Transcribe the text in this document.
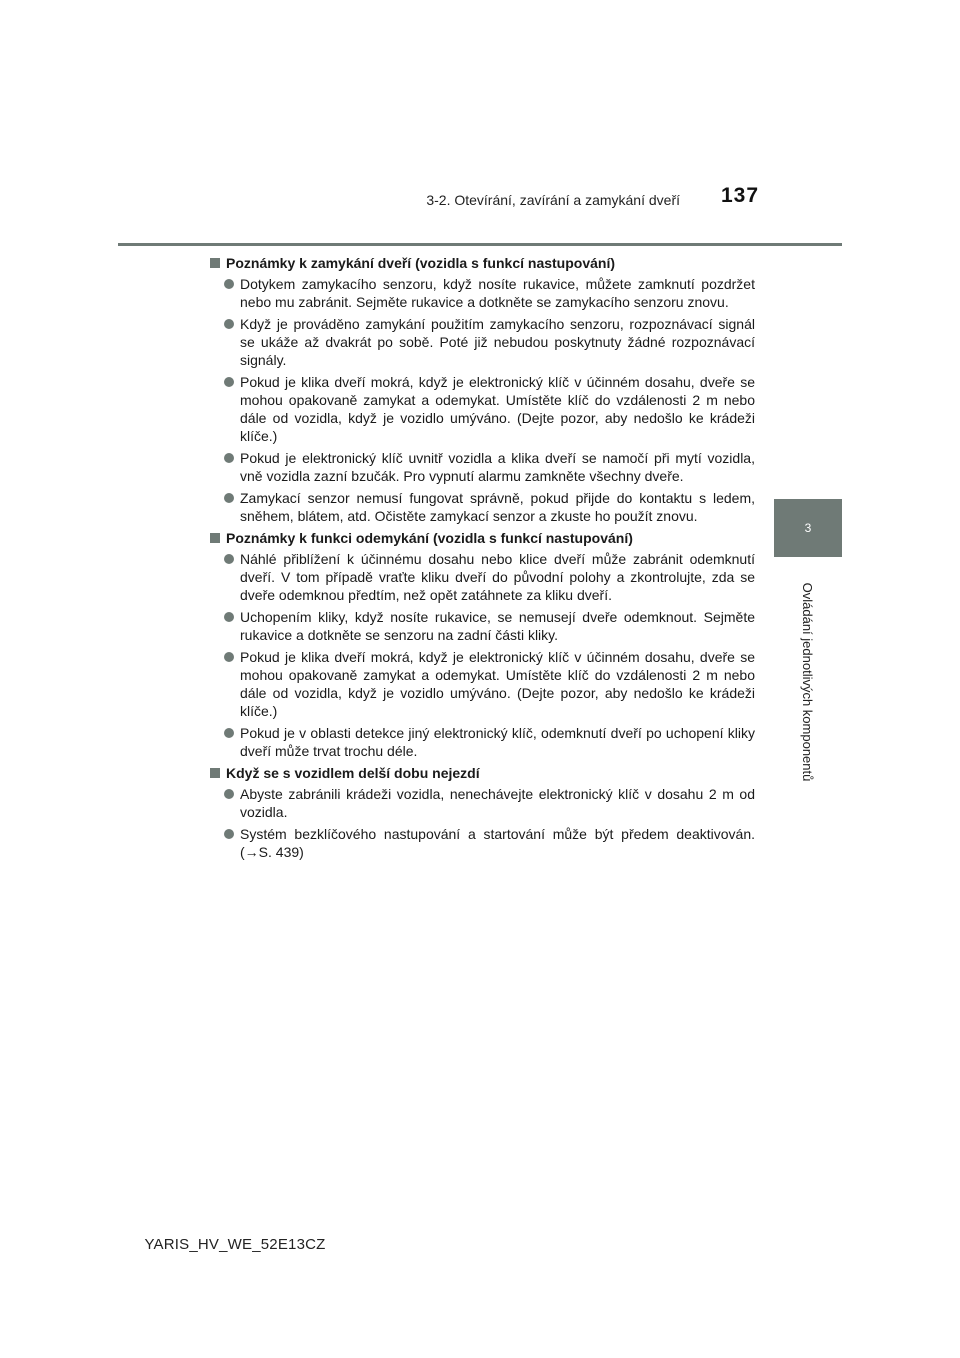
3-2. Otevírání, zavírání a zamykání dveří	137
3
Ovládání jednotlivých komponentů
Poznámky k zamykání dveří (vozidla s funkcí nastupování)
Dotykem zamykacího senzoru, když nosíte rukavice, můžete zamknutí pozdržet nebo mu zabránit. Sejměte rukavice a dotkněte se zamykacího senzoru znovu.
Když je prováděno zamykání použitím zamykacího senzoru, rozpoznávací signál se ukáže až dvakrát po sobě. Poté již nebudou poskytnuty žádné rozpoznávací signály.
Pokud je klika dveří mokrá, když je elektronický klíč v účinném dosahu, dveře se mohou opakovaně zamykat a odemykat. Umístěte klíč do vzdálenosti 2 m nebo dále od vozidla, když je vozidlo umýváno. (Dejte pozor, aby nedošlo ke krádeži klíče.)
Pokud je elektronický klíč uvnitř vozidla a klika dveří se namočí při mytí vozidla, vně vozidla zazní bzučák. Pro vypnutí alarmu zamkněte všechny dveře.
Zamykací senzor nemusí fungovat správně, pokud přijde do kontaktu s ledem, sněhem, blátem, atd. Očistěte zamykací senzor a zkuste ho použít znovu.
Poznámky k funkci odemykání (vozidla s funkcí nastupování)
Náhlé přiblížení k účinnému dosahu nebo klice dveří může zabránit odemknutí dveří. V tom případě vraťte kliku dveří do původní polohy a zkontrolujte, zda se dveře odemknou předtím, než opět zatáhnete za kliku dveří.
Uchopením kliky, když nosíte rukavice, se nemusejí dveře odemknout. Sejměte rukavice a dotkněte se senzoru na zadní části kliky.
Pokud je klika dveří mokrá, když je elektronický klíč v účinném dosahu, dveře se mohou opakovaně zamykat a odemykat. Umístěte klíč do vzdálenosti 2 m nebo dále od vozidla, když je vozidlo umýváno. (Dejte pozor, aby nedošlo ke krádeži klíče.)
Pokud je v oblasti detekce jiný elektronický klíč, odemknutí dveří po uchopení kliky dveří může trvat trochu déle.
Když se s vozidlem delší dobu nejezdí
Abyste zabránili krádeži vozidla, nenechávejte elektronický klíč v dosahu 2 m od vozidla.
Systém bezklíčového nastupování a startování může být předem deaktivován. (→S. 439)
YARIS_HV_WE_52E13CZ
